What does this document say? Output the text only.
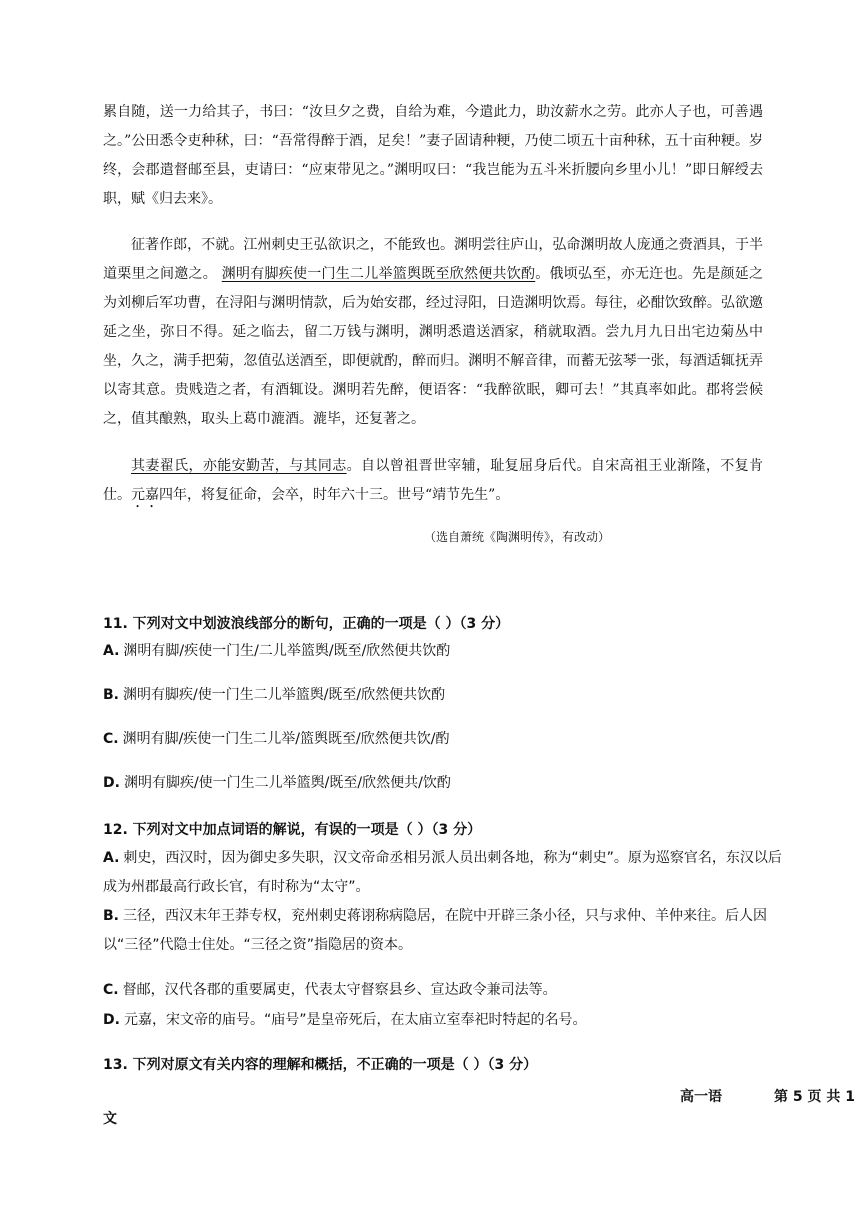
累自随，送一力给其子，书曰：“汝旦夕之费，自给为难，今遣此力，助汝薪水之劳。此亦人子也，可善遇之。”公田悉令吏种秫，曰：“吾常得醉于酒，足矣！”妻子固请种粳，乃使二顷五十亩种秫，五十亩种粳。岁终，会郡遣督邮至县，吏请曰：“应束带见之。”渊明叹曰：“我岂能为五斗米折腰向乡里小儿！”即日解绶去职，赋《归去来》。
征著作郎，不就。江州刺史王弘欲识之，不能致也。渊明尝往庐山，弘命渊明故人庞通之赍酒具，于半道栗里之间邀之。 渊明有脚疾使一门生二儿举篮舆既至欣然便共饮酌。俄顷弘至，亦无迕也。先是颜延之为刘柳后军功曹，在浔阳与渊明情款，后为始安郡，经过浔阳，日造渊明饮焉。每往，必酣饮致醉。弘欲邀延之坐，弥日不得。延之临去，留二万钱与渊明，渊明悉遣送酒家，稍就取酒。尝九月九日出宅边菊丛中坐，久之，满手把菊，忽值弘送酒至，即便就酌，醉而归。渊明不解音律，而蓄无弦琴一张，每酒适辄抚弄以寄其意。贵贱造之者，有酒辄设。渊明若先醉，便语客：“我醉欲眠，卿可去！”其真率如此。郡将尝候之，值其酿熟，取头上葛巾漉酒。漉毕，还复著之。
其妻翟氏，亦能安勤苦，与其同志。自以曾祖晋世宰辅，耻复屈身后代。自宋高祖王业渐隆，不复肯仕。元嘉四年，将复征命，会卒，时年六十三。世号“靖节先生”。
（选自萧统《陶渊明传》，有改动）
11. 下列对文中划波浪线部分的断句，正确的一项是（ ）（3 分）
A. 渊明有脚/疾使一门生/二儿举篮舆/既至/欣然便共饮酌
B. 渊明有脚疾/使一门生二儿举篮舆/既至/欣然便共饮酌
C. 渊明有脚/疾使一门生二儿举/篮舆既至/欣然便共饮/酌
D. 渊明有脚疾/使一门生二儿举篮舆/既至/欣然便共/饮酌
12. 下列对文中加点词语的解说，有误的一项是（ ）（3 分）
A. 刺史，西汉时，因为御史多失职，汉文帝命丞相另派人员出刺各地，称为“刺史”。原为巡察官名，东汉以后成为州郡最高行政长官，有时称为“太守”。
B. 三径，西汉末年王莽专权，兖州刺史蒋诩称病隐居，在院中开辟三条小径，只与求仲、羊仲来往。后人因以“三径”代隐士住处。“三径之资”指隐居的资本。
C. 督邮，汉代各郡的重要属吏，代表太守督察县乡、宣达政令兼司法等。
D. 元嘉，宋文帝的庙号。“庙号”是皇帝死后，在太庙立室奉祀时特起的名号。
13. 下列对原文有关内容的理解和概括，不正确的一项是（ ）（3 分）
高一语	第 5 页 共 1
文
